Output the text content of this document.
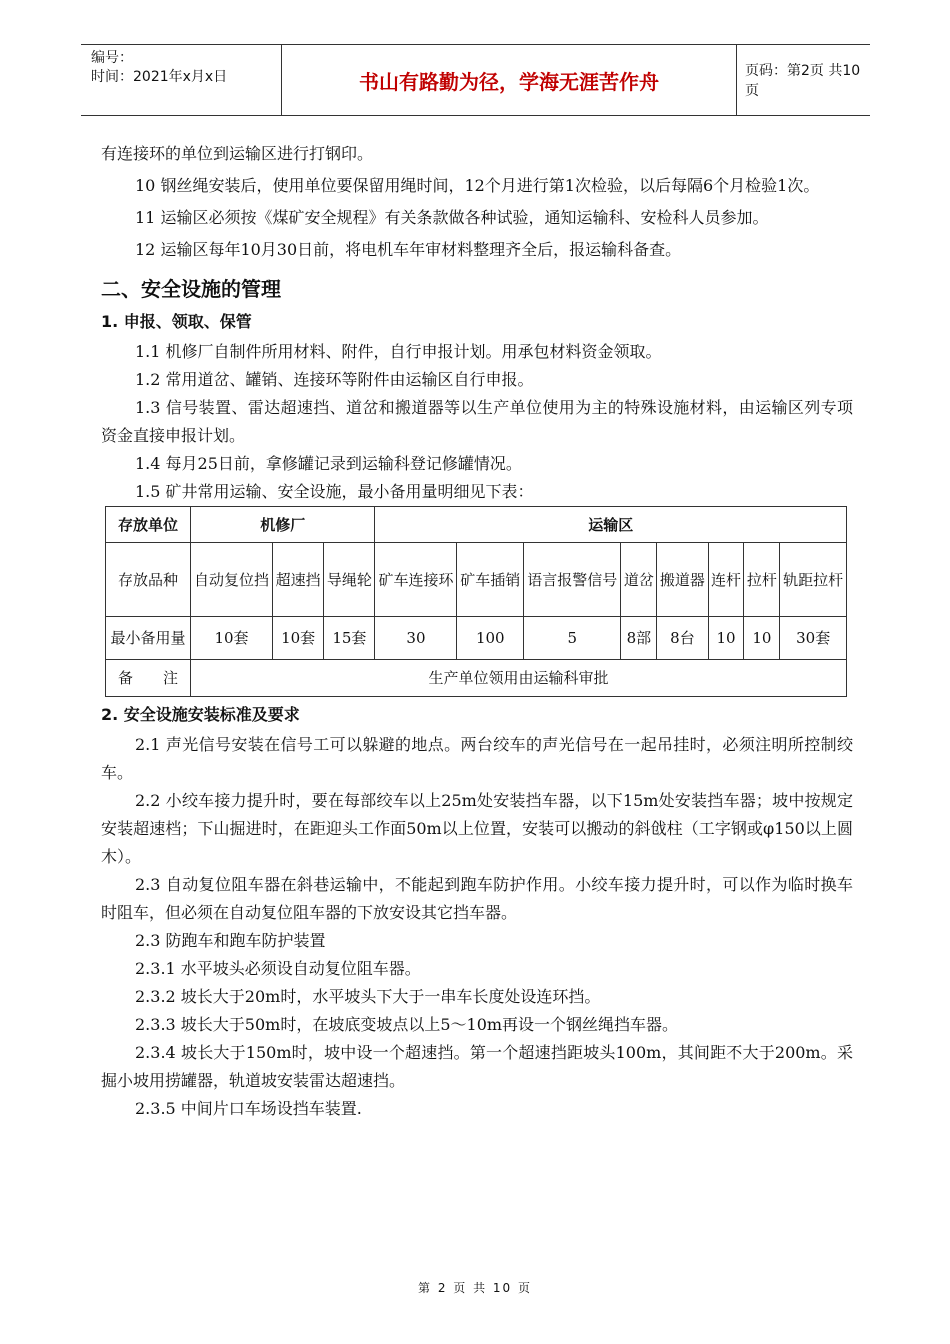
编号：
时间：2021年x月x日	书山有路勤为径，学海无涯苦作舟	页码：第2页 共10页

有连接环的单位到运输区进行打钢印。

10 钢丝绳安装后，使用单位要保留用绳时间，12个月进行第1次检验，以后每隔6个月检验1次。

11 运输区必须按《煤矿安全规程》有关条款做各种试验，通知运输科、安检科人员参加。

12 运输区每年10月30日前，将电机车年审材料整理齐全后，报运输科备查。

二、安全设施的管理
1. 申报、领取、保管

1.1 机修厂自制件所用材料、附件，自行申报计划。用承包材料资金领取。

1.2 常用道岔、罐销、连接环等附件由运输区自行申报。

1.3 信号装置、雷达超速挡、道岔和搬道器等以生产单位使用为主的特殊设施材料，由运输区列专项资金直接申报计划。

1.4 每月25日前，拿修罐记录到运输科登记修罐情况。

1.5 矿井常用运输、安全设施，最小备用量明细见下表：

存放单位	机修厂			运输区							
存放品种	自动复位挡	超速挡	导绳轮	矿车连接环	矿车插销	语言报警信号	道岔	搬道器	连杆	拉杆	轨距拉杆
最小备用量	10套	10套	15套	30	100	5	8部	8台	10	10	30套
备　　注	生产单位领用由运输科审批										
2. 安全设施安装标准及要求

2.1 声光信号安装在信号工可以躲避的地点。两台绞车的声光信号在一起吊挂时，必须注明所控制绞车。

2.2 小绞车接力提升时，要在每部绞车以上25m处安装挡车器，以下15m处安装挡车器；坡中按规定安装超速档；下山掘进时，在距迎头工作面50m以上位置，安装可以搬动的斜戗柱（工字钢或φ150以上圆木）。

2.3 自动复位阻车器在斜巷运输中，不能起到跑车防护作用。小绞车接力提升时，可以作为临时换车时阻车，但必须在自动复位阻车器的下放安设其它挡车器。

2.3 防跑车和跑车防护装置

2.3.1 水平坡头必须设自动复位阻车器。

2.3.2 坡长大于20m时，水平坡头下大于一串车长度处设连环挡。

2.3.3 坡长大于50m时，在坡底变坡点以上5～10m再设一个钢丝绳挡车器。

2.3.4 坡长大于150m时，坡中设一个超速挡。第一个超速挡距坡头100m，其间距不大于200m。采掘小坡用捞罐器，轨道坡安装雷达超速挡。

2.3.5 中间片口车场设挡车装置.

第 2 页 共 10 页
